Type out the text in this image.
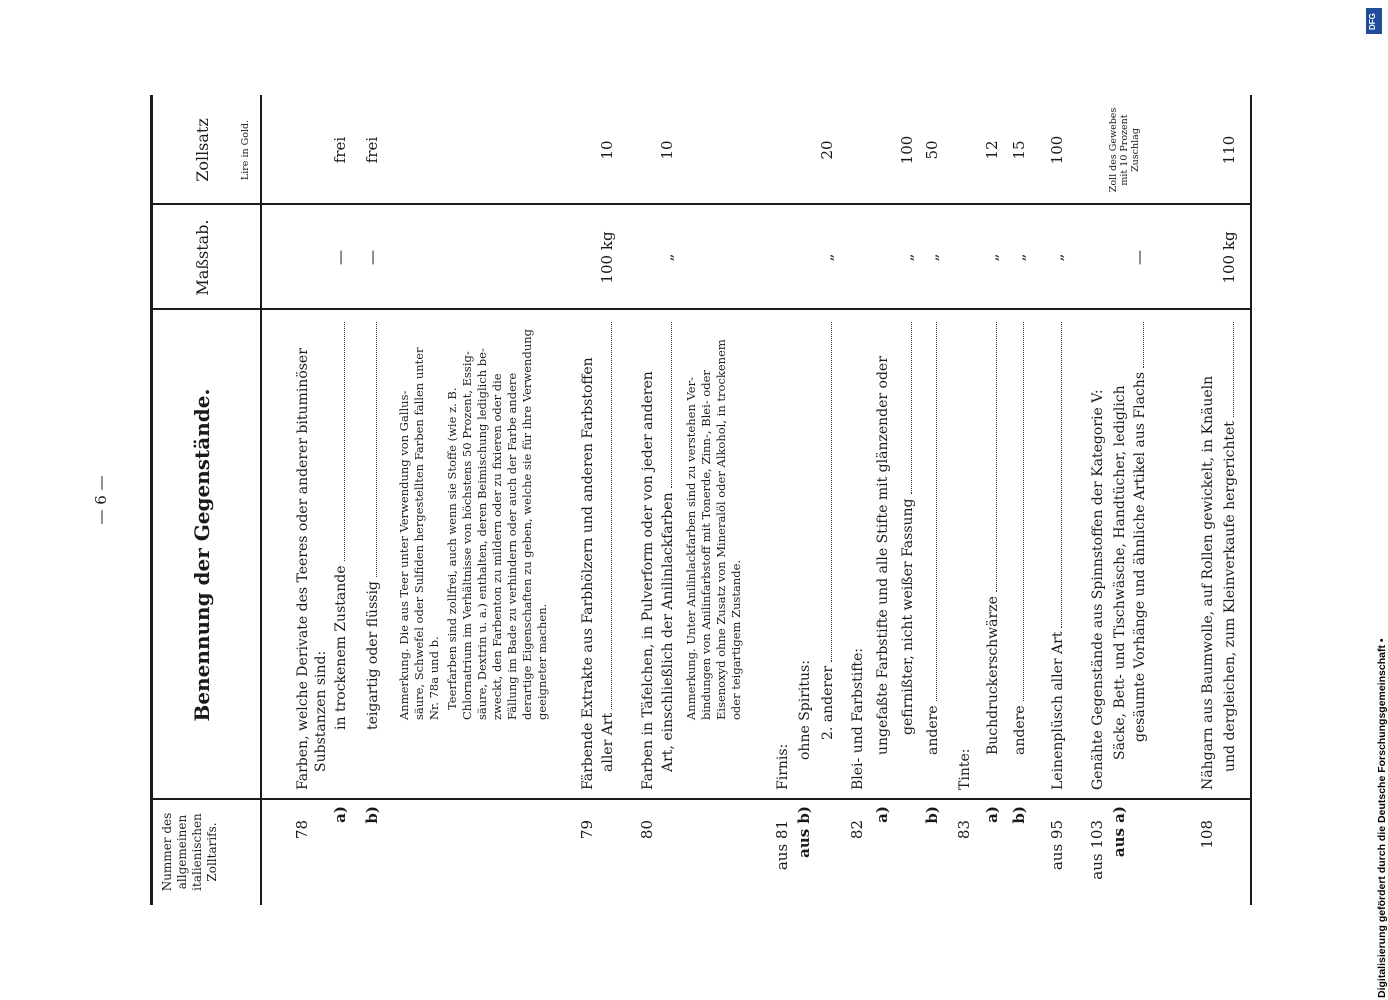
— 6 —
Nummer des allgemeinen italienischen Zolltarifs.
Benennung der Gegenstände.
Maßstab.
Zollsatz	Lire in Gold.
78
Farben, welche Derivate des Teeres oder anderer bituminöser Substanzen sind:
a)
in trockenem Zustande
—
frei
b)
teigartig oder flüssig
—
frei
Anmerkung. Die aus Teer unter Verwendung von Gallus- säure, Schwefel oder Sulfiden hergestellten Farben fallen unter Nr. 78a und b. Teerfarben sind zollfrei, auch wenn sie Stoffe (wie z. B. Chlornatrium im Verhältnisse von höchstens 50 Prozent, Essig- säure, Dextrin u. a.) enthalten, deren Beimischung lediglich be- zweckt, den Farbenton zu mildern oder zu fixieren oder die Fällung im Bade zu verhindern oder auch der Farbe andere derartige Eigenschaften zu geben, welche sie für ihre Verwendung geeigneter machen.
79
Färbende Extrakte aus Farbhölzern und anderen Farbstoffen aller Art
100 kg
10
80
Farben in Täfelchen, in Pulverform oder von jeder anderen Art, einschließlich der Anilinlackfarben
„
10
Anmerkung. Unter Anilinlackfarben sind zu verstehen Ver- bindungen von Anilinfarbstoff mit Tonerde, Zinn-, Blei- oder Eisenoxyd ohne Zusatz von Mineralöl oder Alkohol, in trockenem oder teigartigem Zustande.
aus 81
Firnis:
aus b)
ohne Spiritus: 2. anderer
„
20
82
Blei- und Farbstifte:
a)
ungefaßte Farbstifte und alle Stifte mit glänzender oder gefirnißter, nicht weißer Fassung
„
100
b)
andere
„
50
83
Tinte:
a)
Buchdruckerschwärze
„
12
b)
andere
„
15
aus 95
Leinenplüsch aller Art
„
100
aus 103
Genähte Gegenstände aus Spinnstoffen der Kategorie V:
aus a)
Säcke, Bett- und Tischwäsche, Handtücher, lediglich gesäumte Vorhänge und ähnliche Artikel aus Flachs
—
Zoll des Gewebes mit 10 Prozent Zuschlag
108
Nähgarn aus Baumwolle, auf Rollen gewickelt, in Knäueln und dergleichen, zum Kleinverkaufe hergerichtet
100 kg
110
Digitalisierung gefördert durch die Deutsche Forschungsgemeinschaft •
DFG
